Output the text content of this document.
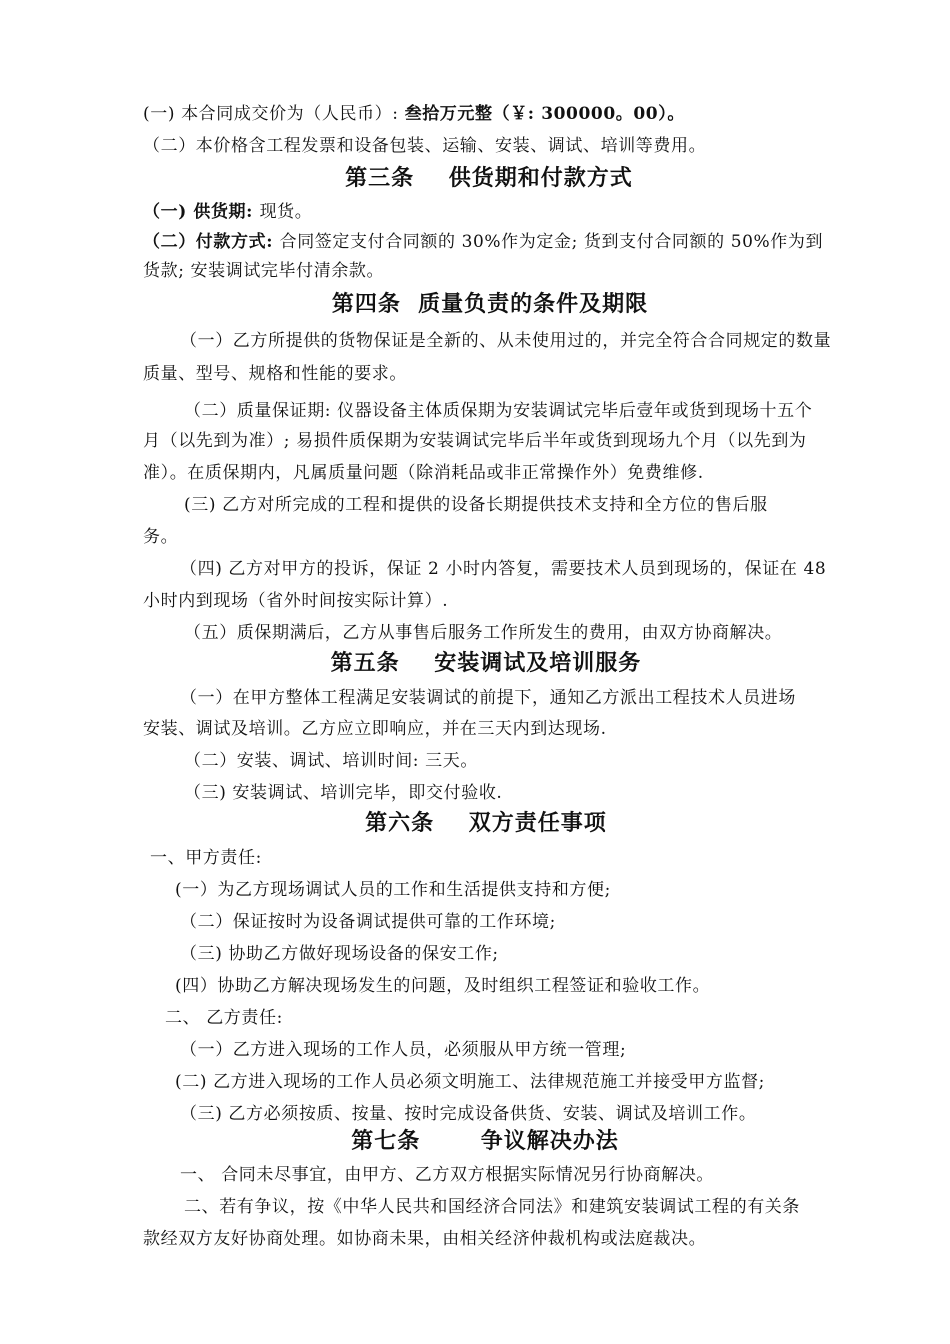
(一) 本合同成交价为（人民币）: 叁拾万元整（￥: 300000。00）。
（二）本价格含工程发票和设备包装、运输、安装、调试、培训等费用。
第三条    供货期和付款方式
（一) 供货期: 现货。
（二）付款方式: 合同签定支付合同额的 30%作为定金; 货到支付合同额的 50%作为到
货款; 安装调试完毕付清余款。
第四条  质量负责的条件及期限
（一）乙方所提供的货物保证是全新的、从未使用过的，并完全符合合同规定的数量
质量、型号、规格和性能的要求。
（二）质量保证期: 仪器设备主体质保期为安装调试完毕后壹年或货到现场十五个
月（以先到为准）; 易损件质保期为安装调试完毕后半年或货到现场九个月（以先到为
准）。在质保期内，凡属质量问题（除消耗品或非正常操作外）免费维修.
(三) 乙方对所完成的工程和提供的设备长期提供技术支持和全方位的售后服
务。
（四) 乙方对甲方的投诉，保证 2 小时内答复，需要技术人员到现场的，保证在 48
小时内到现场（省外时间按实际计算）.
（五）质保期满后，乙方从事售后服务工作所发生的费用，由双方协商解决。
第五条    安装调试及培训服务
（一）在甲方整体工程满足安装调试的前提下，通知乙方派出工程技术人员进场
安装、调试及培训。乙方应立即响应，并在三天内到达现场.
（二）安装、调试、培训时间: 三天。
（三) 安装调试、培训完毕，即交付验收.
第六条    双方责任事项
一、甲方责任:
(一）为乙方现场调试人员的工作和生活提供支持和方便;
（二）保证按时为设备调试提供可靠的工作环境;
（三) 协助乙方做好现场设备的保安工作;
(四）协助乙方解决现场发生的问题，及时组织工程签证和验收工作。
二、 乙方责任:
（一）乙方进入现场的工作人员，必须服从甲方统一管理;
(二) 乙方进入现场的工作人员必须文明施工、法律规范施工并接受甲方监督;
（三) 乙方必须按质、按量、按时完成设备供货、安装、调试及培训工作。
第七条       争议解决办法
一、 合同未尽事宜，由甲方、乙方双方根据实际情况另行协商解决。
二、若有争议，按《中华人民共和国经济合同法》和建筑安装调试工程的有关条
款经双方友好协商处理。如协商未果，由相关经济仲裁机构或法庭裁决。
